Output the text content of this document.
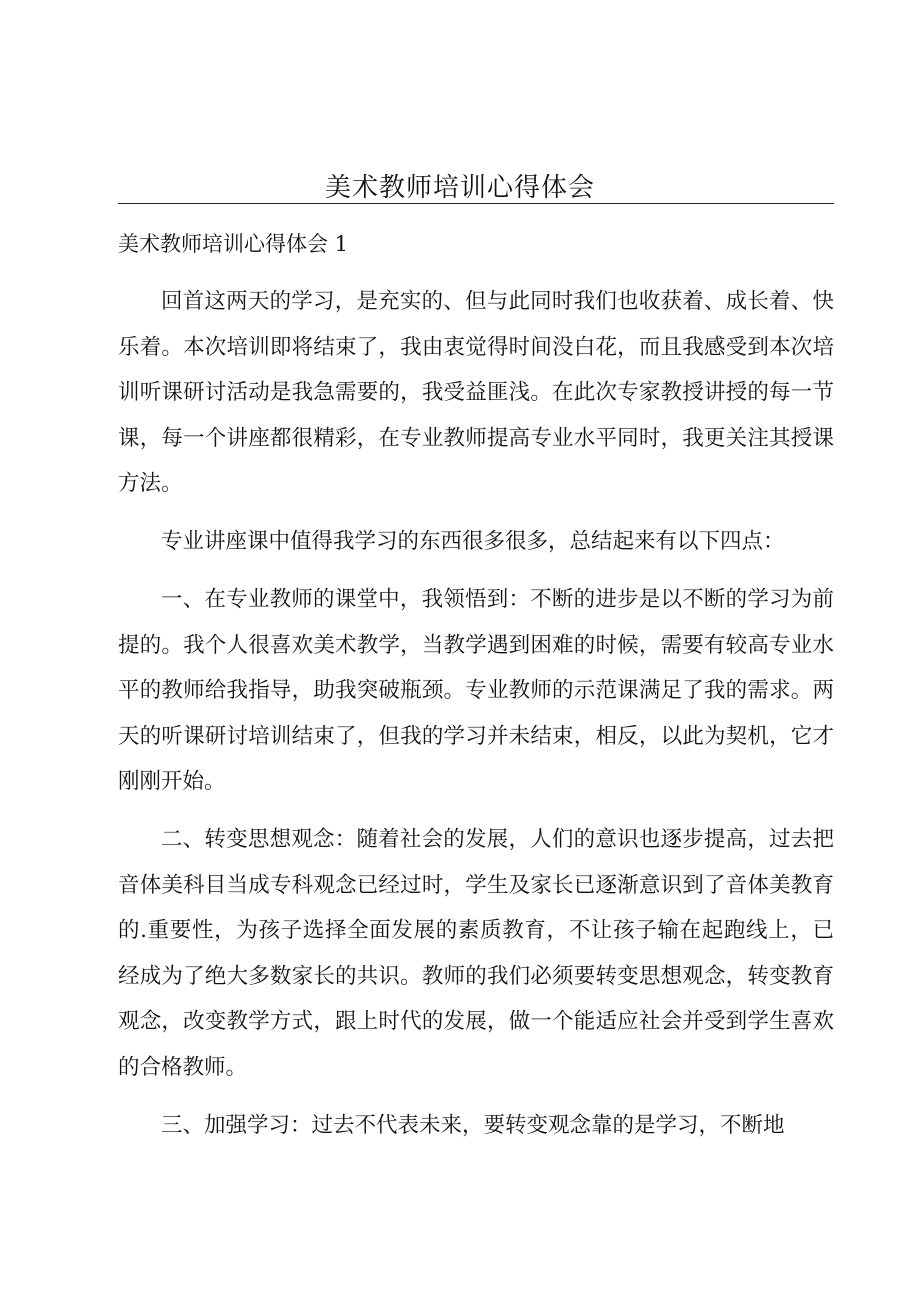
美术教师培训心得体会

美术教师培训心得体会 1

回首这两天的学习，是充实的、但与此同时我们也收获着、成长着、快乐着。本次培训即将结束了，我由衷觉得时间没白花，而且我感受到本次培训听课研讨活动是我急需要的，我受益匪浅。在此次专家教授讲授的每一节课，每一个讲座都很精彩，在专业教师提高专业水平同时，我更关注其授课方法。

专业讲座课中值得我学习的东西很多很多，总结起来有以下四点：

一、在专业教师的课堂中，我领悟到：不断的进步是以不断的学习为前提的。我个人很喜欢美术教学，当教学遇到困难的时候，需要有较高专业水平的教师给我指导，助我突破瓶颈。专业教师的示范课满足了我的需求。两天的听课研讨培训结束了，但我的学习并未结束，相反，以此为契机，它才刚刚开始。

二、转变思想观念：随着社会的发展，人们的意识也逐步提高，过去把音体美科目当成专科观念已经过时，学生及家长已逐渐意识到了音体美教育的.重要性，为孩子选择全面发展的素质教育，不让孩子输在起跑线上，已经成为了绝大多数家长的共识。教师的我们必须要转变思想观念，转变教育观念，改变教学方式，跟上时代的发展，做一个能适应社会并受到学生喜欢的合格教师。

三、加强学习：过去不代表未来，要转变观念靠的是学习，不断地
